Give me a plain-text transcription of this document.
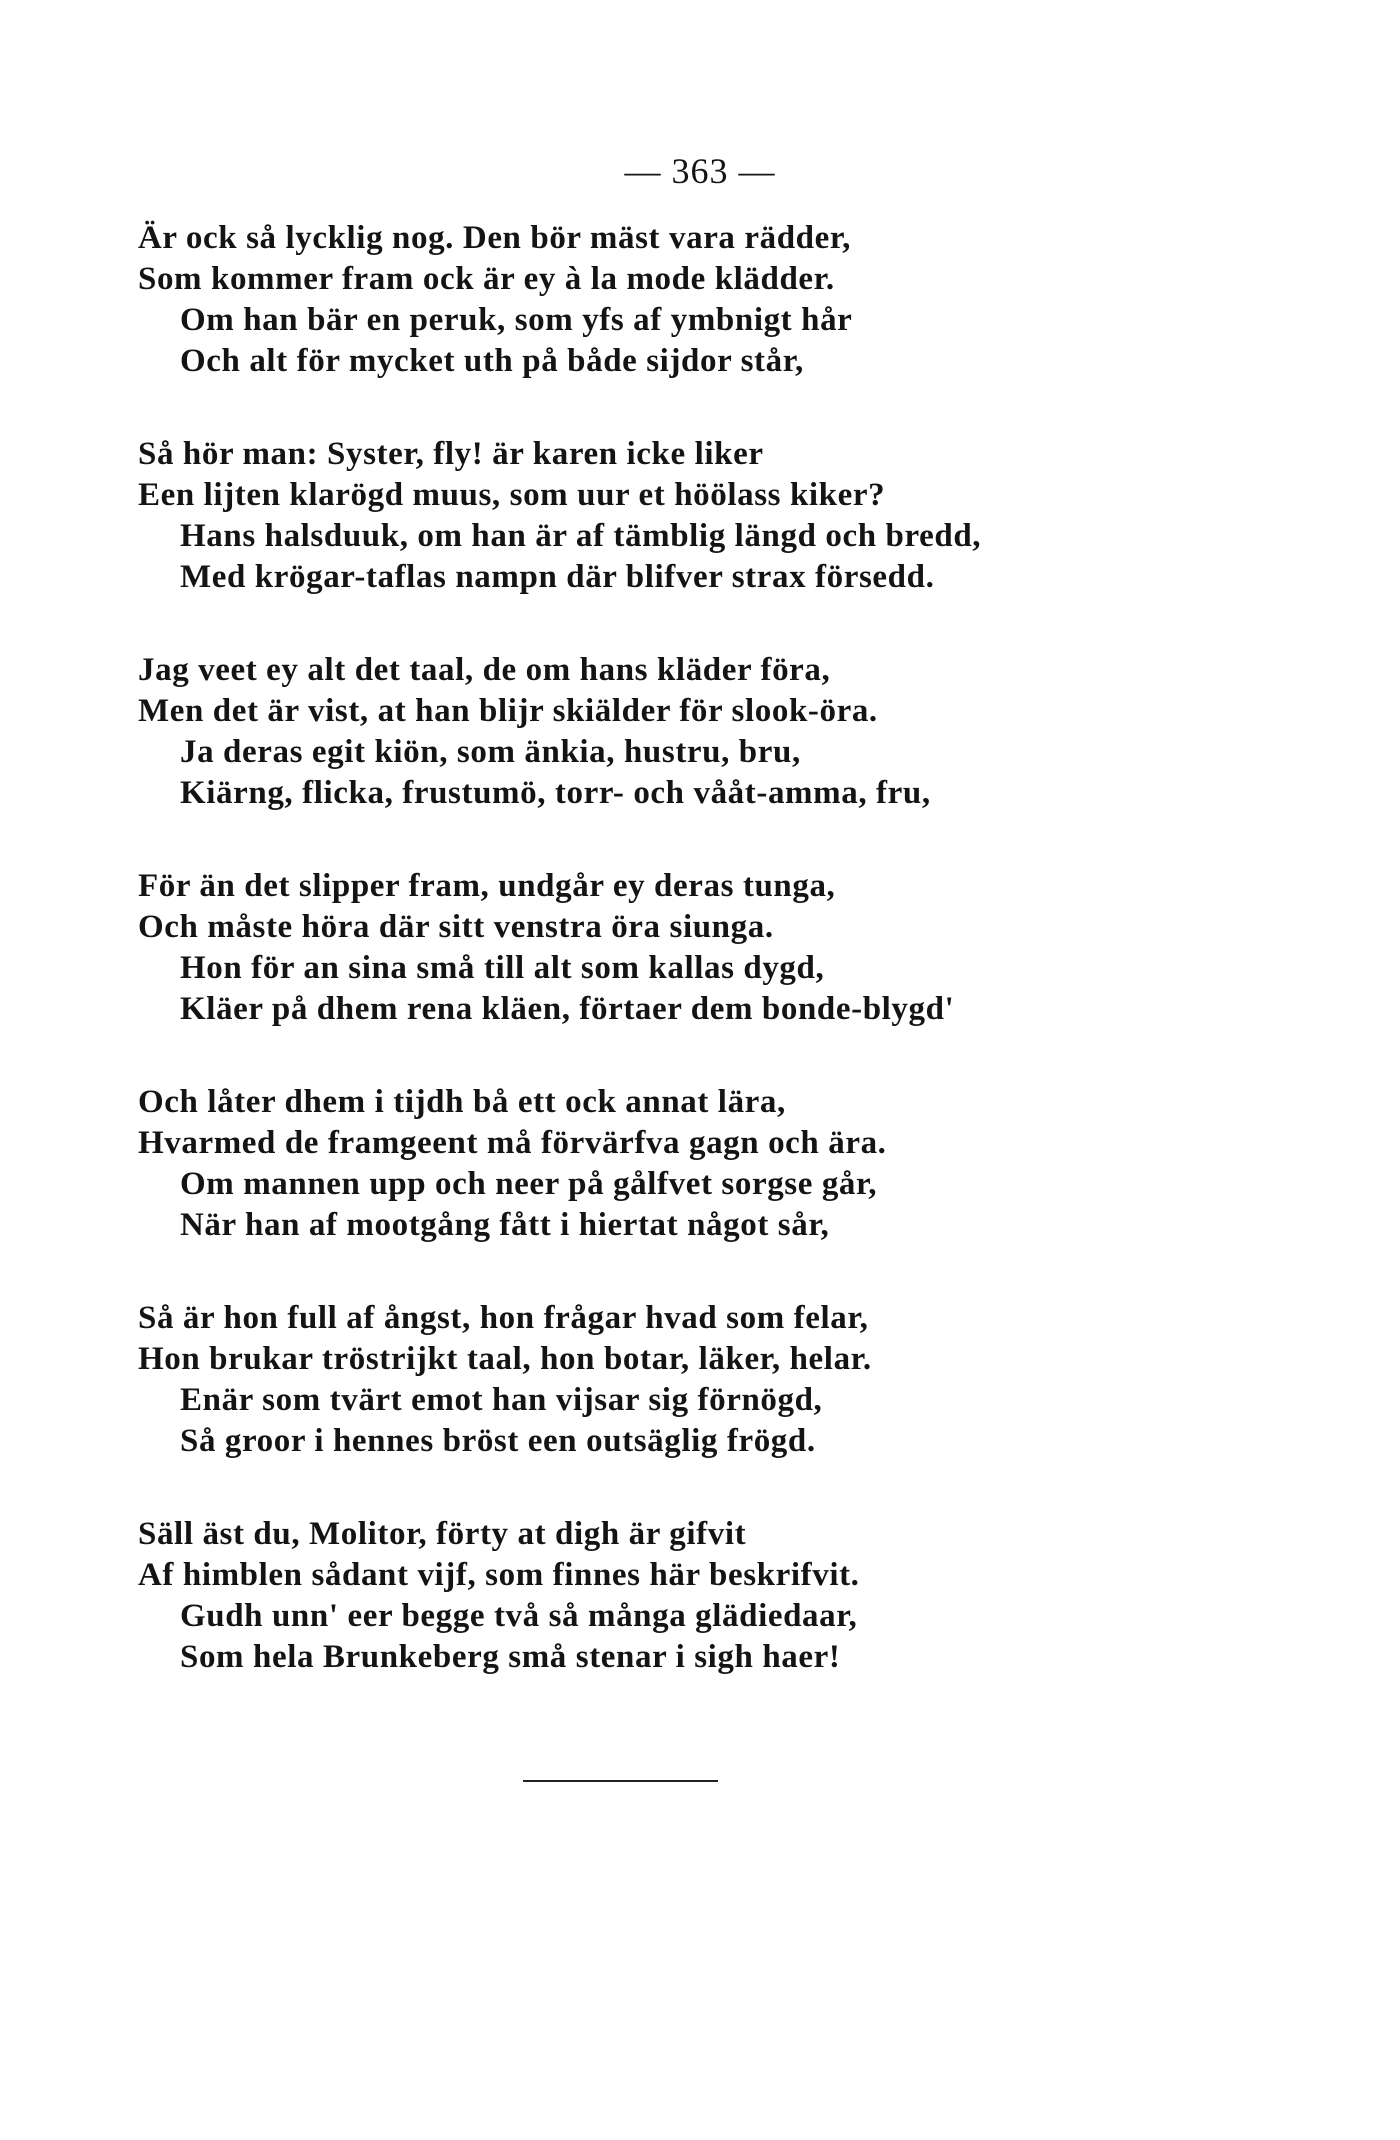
— 363 —
Är ock så lycklig nog. Den bör mäst vara rädder,
Som kommer fram ock är ey à la mode klädder.
Om han bär en peruk, som yfs af ymbnigt hår
Och alt för mycket uth på både sijdor står,
Så hör man: Syster, fly! är karen icke liker
Een lijten klarögd muus, som uur et höölass kiker?
Hans halsduuk, om han är af tämblig längd och bredd,
Med krögar-taflas nampn där blifver strax försedd.
Jag veet ey alt det taal, de om hans kläder föra,
Men det är vist, at han blijr skiälder för slook-öra.
Ja deras egit kiön, som änkia, hustru, bru,
Kiärng, flicka, frustumö, torr- och vååt-amma, fru,
För än det slipper fram, undgår ey deras tunga,
Och måste höra där sitt venstra öra siunga.
Hon för an sina små till alt som kallas dygd,
Kläer på dhem rena kläen, förtaer dem bonde-blygd'
Och låter dhem i tijdh bå ett ock annat lära,
Hvarmed de framgeent må förvärfva gagn och ära.
Om mannen upp och neer på gålfvet sorgse går,
När han af mootgång fått i hiertat något sår,
Så är hon full af ångst, hon frågar hvad som felar,
Hon brukar tröstrijkt taal, hon botar, läker, helar.
Enär som tvärt emot han vijsar sig förnögd,
Så groor i hennes bröst een outsäglig frögd.
Säll äst du, Molitor, förty at digh är gifvit
Af himblen sådant vijf, som finnes här beskrifvit.
Gudh unn' eer begge två så många glädiedaar,
Som hela Brunkeberg små stenar i sigh haer!
